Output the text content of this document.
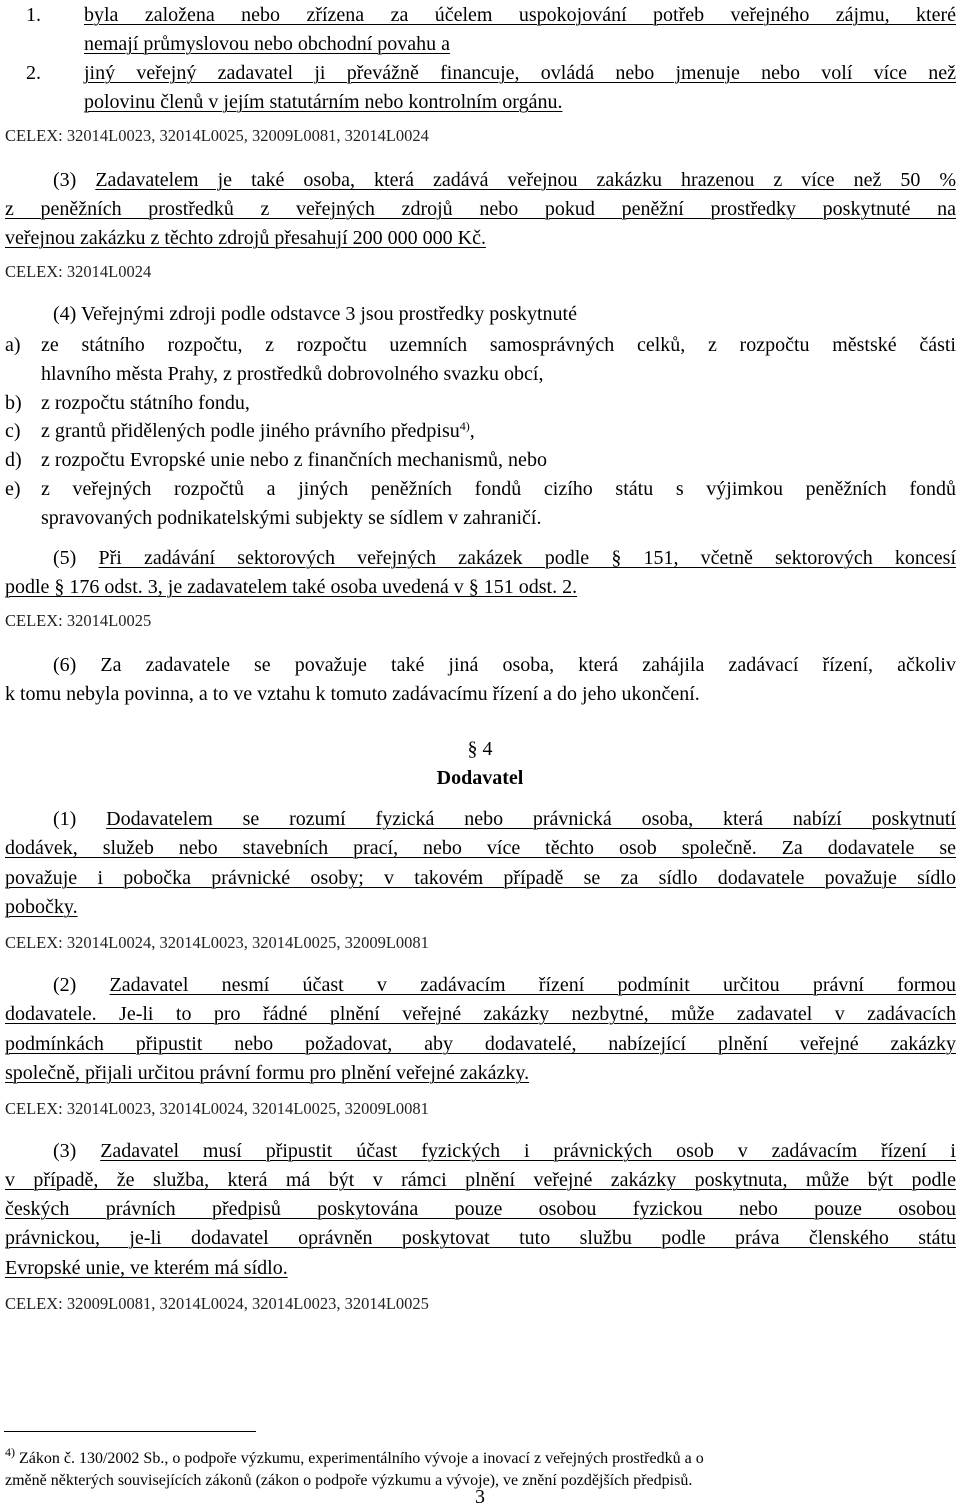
1. byla založena nebo zřízena za účelem uspokojování potřeb veřejného zájmu, které
nemají průmyslovou nebo obchodní povahu a
2. jiný veřejný zadavatel ji převážně financuje, ovládá nebo jmenuje nebo volí více než
polovinu členů v jejím statutárním nebo kontrolním orgánu.
CELEX: 32014L0023, 32014L0025, 32009L0081, 32014L0024
(3) Zadavatelem je také osoba, která zadává veřejnou zakázku hrazenou z více než 50 %
z peněžních prostředků z veřejných zdrojů nebo pokud peněžní prostředky poskytnuté na
veřejnou zakázku z těchto zdrojů přesahují 200 000 000 Kč.
CELEX: 32014L0024
(4) Veřejnými zdroji podle odstavce 3 jsou prostředky poskytnuté
a) ze státního rozpočtu, z rozpočtu uzemních samosprávných celků, z rozpočtu městské části
hlavního města Prahy, z prostředků dobrovolného svazku obcí,
b) z rozpočtu státního fondu,
c) z grantů přidělených podle jiného právního předpisu$^{4)}$,
d) z rozpočtu Evropské unie nebo z finančních mechanismů, nebo
e) z veřejných rozpočtů a jiných peněžních fondů cizího státu s výjimkou peněžních fondů
spravovaných podnikatelskými subjekty se sídlem v zahraničí.
(5) Při zadávání sektorových veřejných zakázek podle § 151, včetně sektorových koncesí
podle § 176 odst. 3, je zadavatelem také osoba uvedená v § 151 odst. 2.
CELEX: 32014L0025
(6) Za zadavatele se považuje také jiná osoba, která zahájila zadávací řízení, ačkoliv
k tomu nebyla povinna, a to ve vztahu k tomuto zadávacímu řízení a do jeho ukončení.
§ 4
Dodavatel
(1) Dodavatelem se rozumí fyzická nebo právnická osoba, která nabízí poskytnutí
dodávek, služeb nebo stavebních prací, nebo více těchto osob společně. Za dodavatele se
považuje i pobočka právnické osoby; v takovém případě se za sídlo dodavatele považuje sídlo
pobočky.
CELEX: 32014L0024, 32014L0023, 32014L0025, 32009L0081
(2) Zadavatel nesmí účast v zadávacím řízení podmínit určitou právní formou
dodavatele. Je-li to pro řádné plnění veřejné zakázky nezbytné, může zadavatel v zadávacích
podmínkách připustit nebo požadovat, aby dodavatelé, nabízející plnění veřejné zakázky
společně, přijali určitou právní formu pro plnění veřejné zakázky.
CELEX: 32014L0023, 32014L0024, 32014L0025, 32009L0081
(3) Zadavatel musí připustit účast fyzických i právnických osob v zadávacím řízení i
v případě, že služba, která má být v rámci plnění veřejné zakázky poskytnuta, může být podle
českých právních předpisů poskytována pouze osobou fyzickou nebo pouze osobou
právnickou, je-li dodavatel oprávněn poskytovat tuto službu podle práva členského státu
Evropské unie, ve kterém má sídlo.
CELEX: 32009L0081, 32014L0024, 32014L0023, 32014L0025
$^{4)}$ Zákon č. 130/2002 Sb., o podpoře výzkumu, experimentálního vývoje a inovací z veřejných prostředků a o
změně některých souvisejících zákonů (zákon o podpoře výzkumu a vývoje), ve znění pozdějších předpisů.
3
